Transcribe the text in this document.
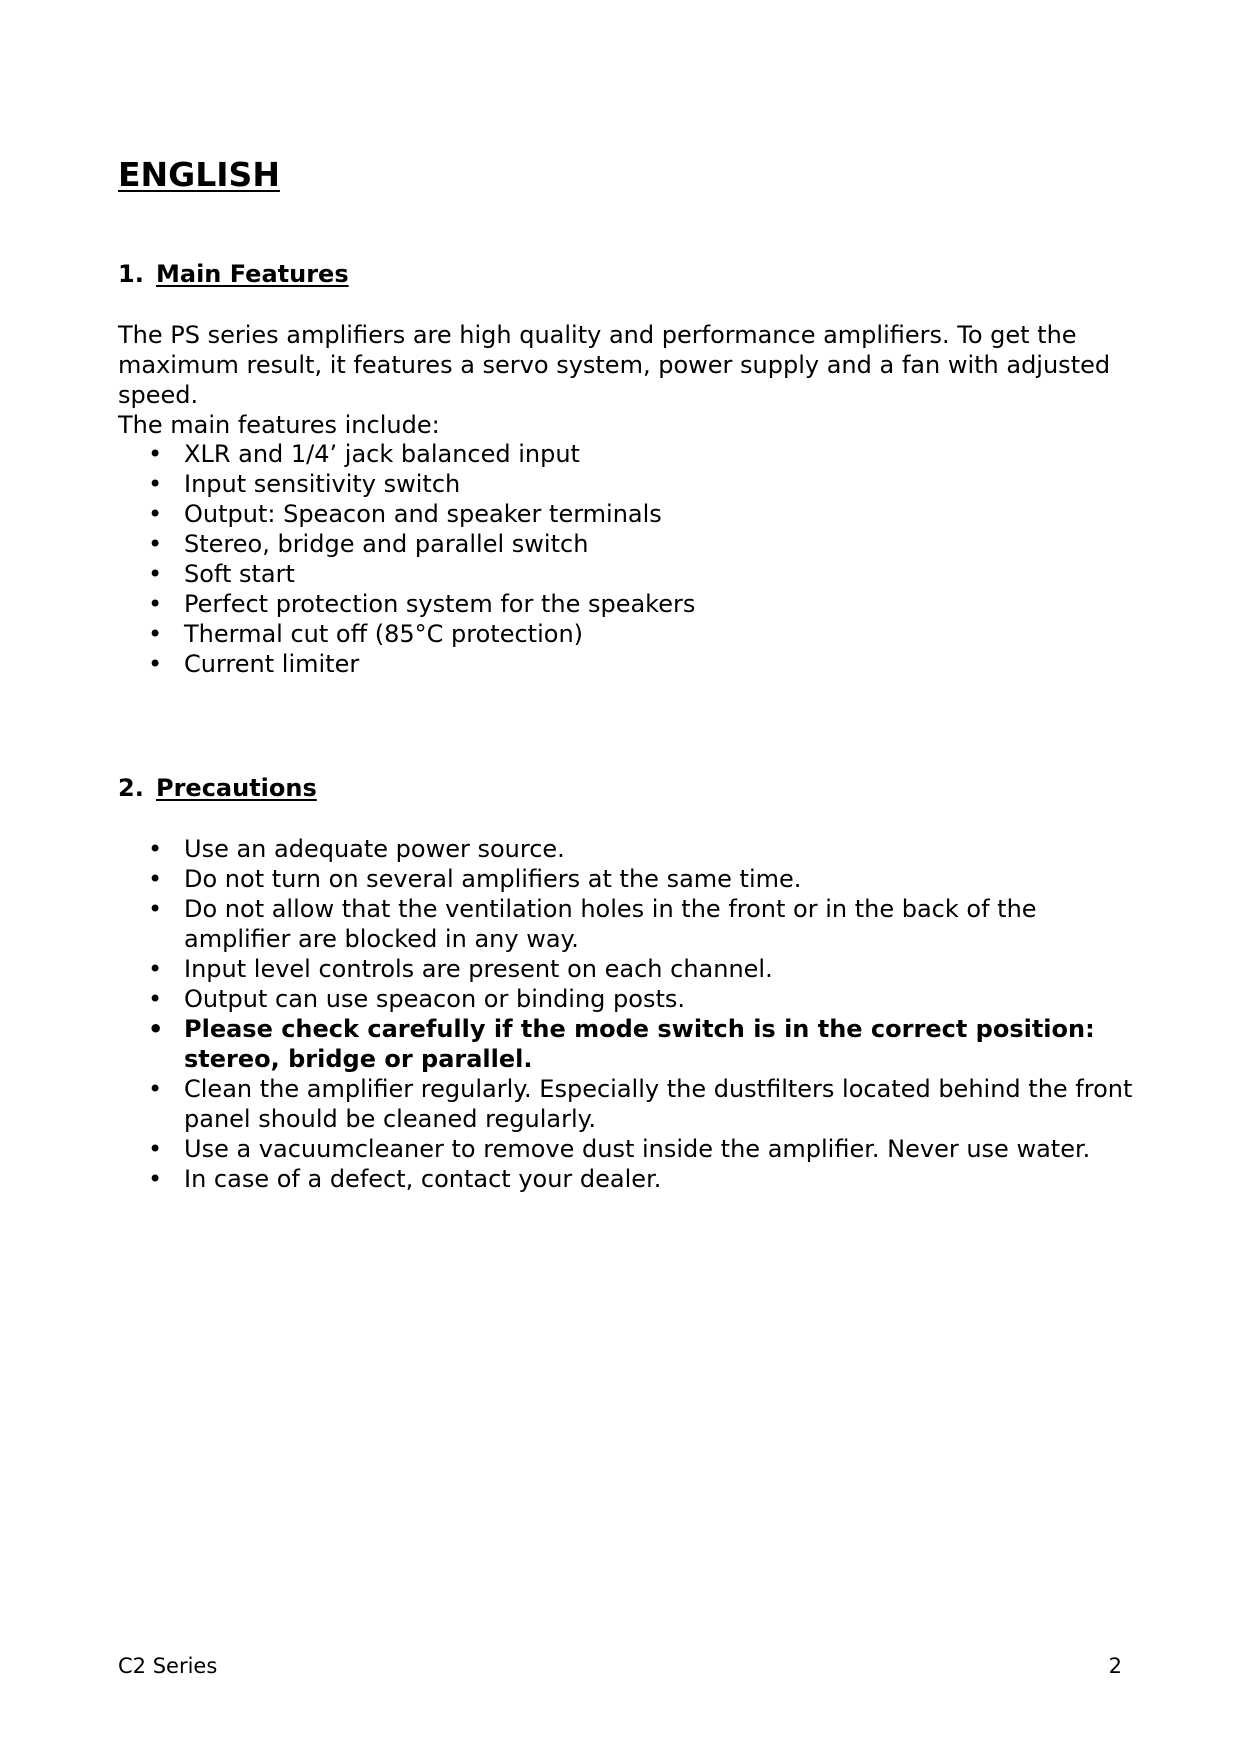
ENGLISH
1. Main Features

The PS series amplifiers are high quality and performance amplifiers. To get the maximum result, it features a servo system, power supply and a fan with adjusted speed.

The main features include:

• XLR and 1/4’ jack balanced input
• Input sensitivity switch
• Output: Speacon and speaker terminals
• Stereo, bridge and parallel switch
• Soft start
• Perfect protection system for the speakers
• Thermal cut off (85°C protection)
• Current limiter
2. Precautions
• Use an adequate power source.
• Do not turn on several amplifiers at the same time.
• Do not allow that the ventilation holes in the front or in the back of the amplifier are blocked in any way.
• Input level controls are present on each channel.
• Output can use speacon or binding posts.
• Please check carefully if the mode switch is in the correct position: stereo, bridge or parallel.
• Clean the amplifier regularly. Especially the dustfilters located behind the front panel should be cleaned regularly.
• Use a vacuumcleaner to remove dust inside the amplifier. Never use water.
• In case of a defect, contact your dealer.
C2 Series	2
